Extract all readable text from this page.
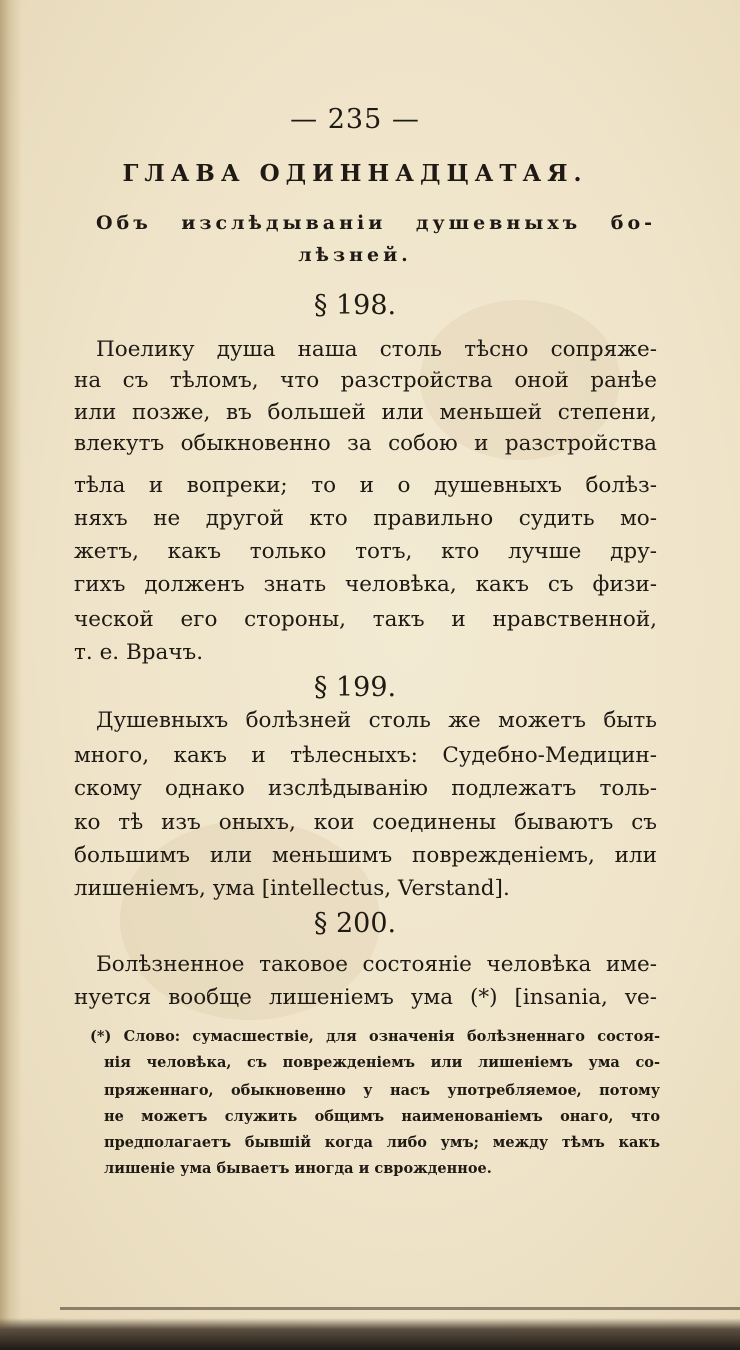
— 235 —
ГЛАВА ОДИННАДЦАТАЯ.
Объ изслѣдываніи душевныхъ бо-
лѣзней.
§ 198.
Поелику душа наша столь тѣсно сопряже-
на съ тѣломъ, что разстройства оной ранѣе
или позже, въ большей или меньшей степени,
влекутъ обыкновенно за собою и разстройства
тѣла и вопреки; то и о душевныхъ болѣз-
няхъ не другой кто правильно судить мо-
жетъ, какъ только тотъ, кто лучше дру-
гихъ долженъ знать человѣка, какъ съ физи-
ческой его стороны, такъ и нравственной,
т. е. Врачъ.
§ 199.
Душевныхъ болѣзней столь же можетъ быть
много, какъ и тѣлесныхъ: Судебно-Медицин-
скому однако изслѣдыванію подлежатъ толь-
ко тѣ изъ оныхъ, кои соединены бываютъ съ
большимъ или меньшимъ поврежденіемъ, или
лишеніемъ, ума [intellectus, Verstand].
§ 200.
Болѣзненное таковое состояніе человѣка име-
нуется вообще лишеніемъ ума (*) [insania, ve-
(*) Слово: сумасшествіе, для означенія болѣзненнаго состоя-
нія человѣка, съ поврежденіемъ или лишеніемъ ума со-
пряженнаго, обыкновенно у насъ употребляемое, потому
не можетъ служить общимъ наименованіемъ онаго, что
предполагаетъ бывшій когда либо умъ; между тѣмъ какъ
лишеніе ума бываетъ иногда и сврожденное.
